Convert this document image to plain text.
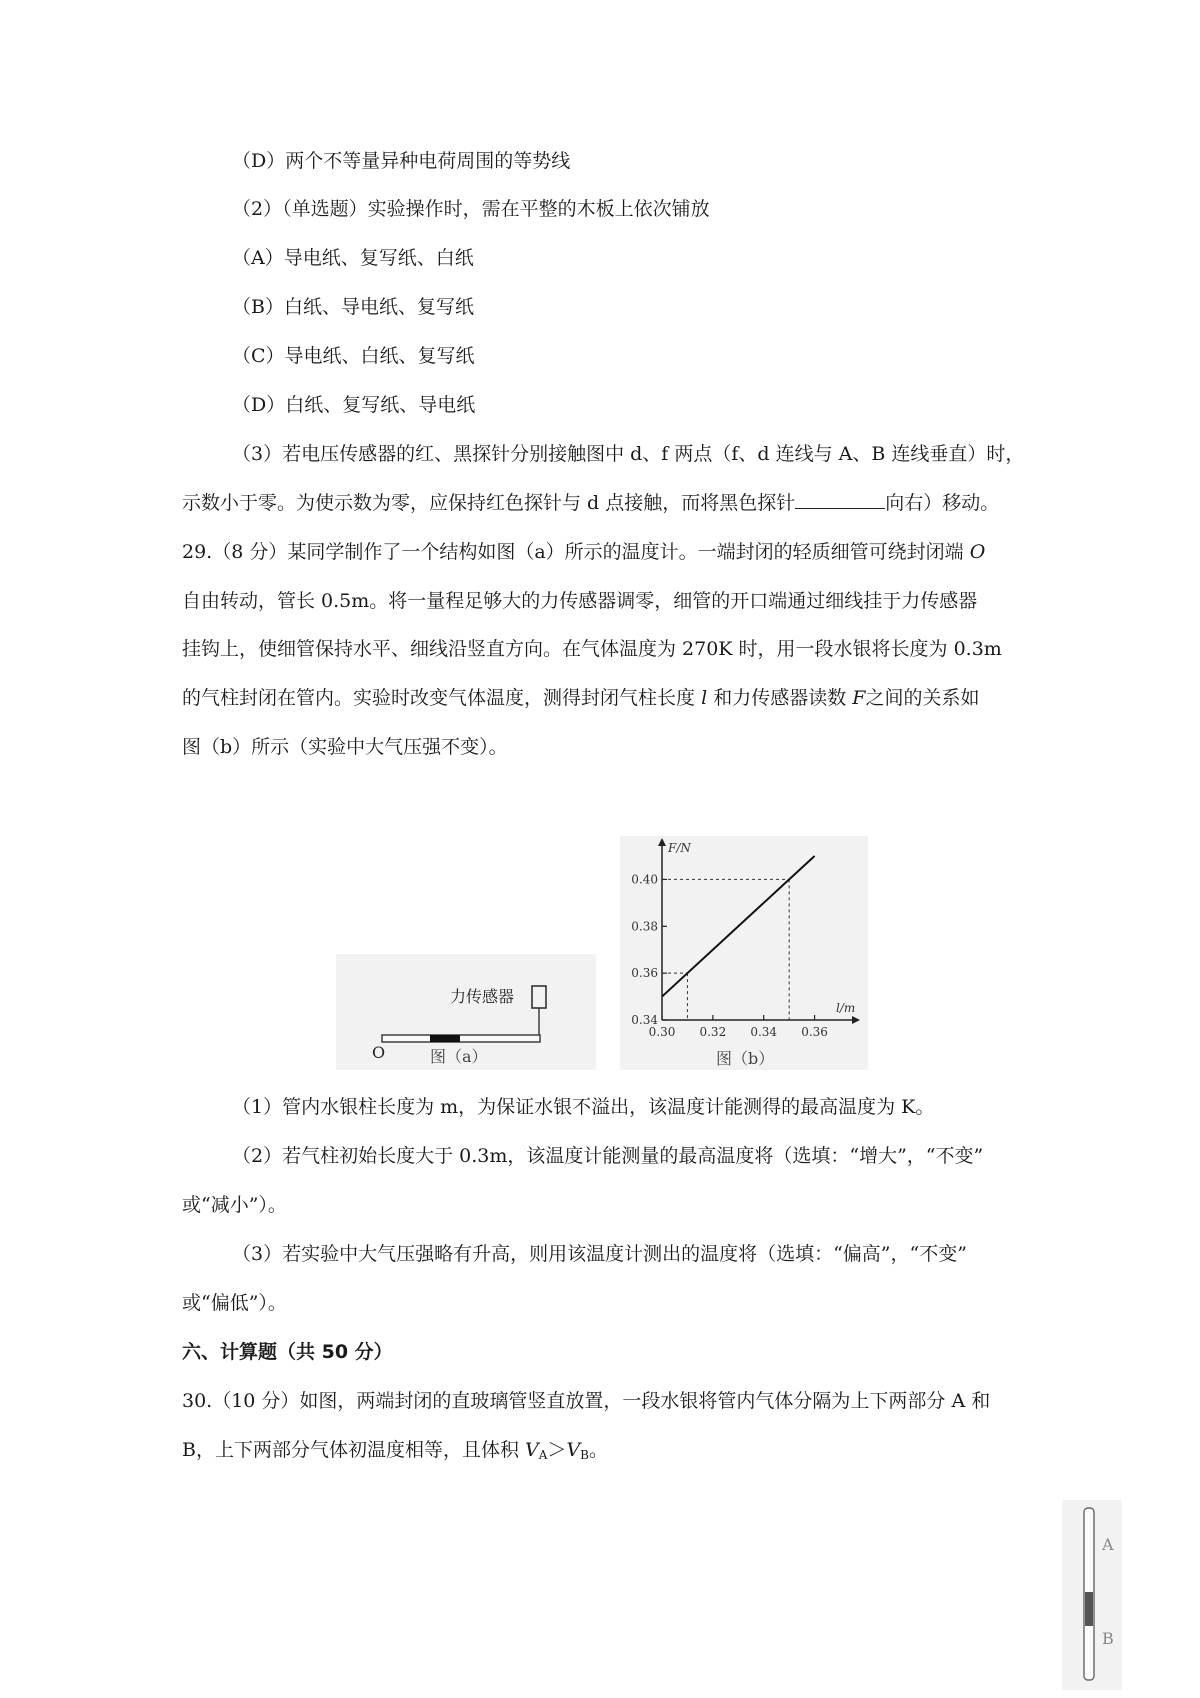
（D）两个不等量异种电荷周围的等势线
（2）（单选题）实验操作时，需在平整的木板上依次铺放
（A）导电纸、复写纸、白纸
（B）白纸、导电纸、复写纸
（C）导电纸、白纸、复写纸
（D）白纸、复写纸、导电纸
（3）若电压传感器的红、黑探针分别接触图中 d、f 两点（f、d 连线与 A、B 连线垂直）时，
示数小于零。为使示数为零，应保持红色探针与 d 点接触，而将黑色探针	向右）移动。
29.（8 分）某同学制作了一个结构如图（a）所示的温度计。一端封闭的轻质细管可绕封闭端 O
自由转动，管长 0.5m。将一量程足够大的力传感器调零，细管的开口端通过细线挂于力传感器
挂钩上，使细管保持水平、细线沿竖直方向。在气体温度为 270K 时，用一段水银将长度为 0.3m
的气柱封闭在管内。实验时改变气体温度，测得封闭气柱长度 l 和力传感器读数 F之间的关系如
图（b）所示（实验中大气压强不变）。
力传感器
O	图（a）
0.30 0.32 0.34 0.36
0.34
0.36
0.38
0.40
F/N
l/m
图（b）
（1）管内水银柱长度为 m，为保证水银不溢出，该温度计能测得的最高温度为 K。
（2）若气柱初始长度大于 0.3m，该温度计能测量的最高温度将（选填：“增大”，“不变”
或“减小”）。
（3）若实验中大气压强略有升高，则用该温度计测出的温度将（选填：“偏高”，“不变”
或“偏低”）。
六、计算题（共 50 分）
30.（10 分）如图，两端封闭的直玻璃管竖直放置，一段水银将管内气体分隔为上下两部分 A 和
B，上下两部分气体初温度相等，且体积 $V_A>V_B$。
A
B
